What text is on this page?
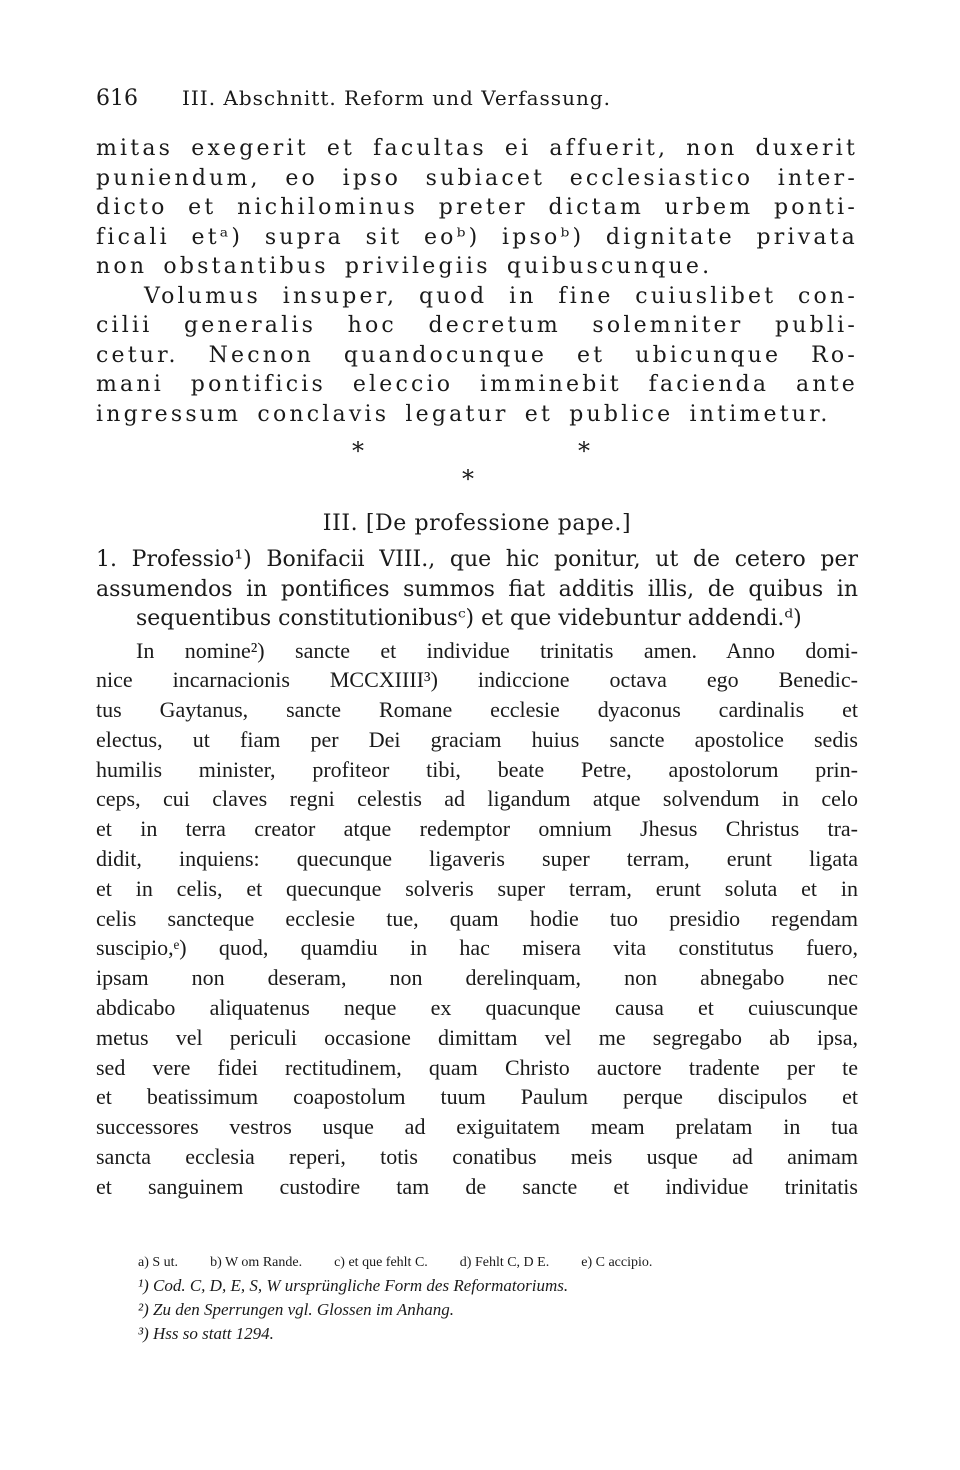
616	III. Abschnitt. Reform und Verfassung.
mitas exegerit et facultas ei affuerit, non duxerit
puniendum, eo ipso subiacet ecclesiastico inter-
dicto et nichilominus preter dictam urbem ponti-
ficali etᵃ) supra sit eoᵇ) ipsoᵇ) dignitate privata
non obstantibus privilegiis quibuscunque.
Volumus insuper, quod in fine cuiuslibet con-
cilii generalis hoc decretum solemniter publi-
cetur. Necnon quandocunque et ubicunque Ro-
mani pontificis eleccio imminebit facienda ante
ingressum conclavis legatur et publice intimetur.
*	*
*
III. [De professione pape.]
1. Professio¹) Bonifacii VIII., que hic ponitur, ut de cetero per
assumendos in pontifices summos fiat additis illis, de quibus in
sequentibus constitutionibusᶜ) et que videbuntur addendi.ᵈ)
In nomine²) sancte et individue trinitatis amen. Anno domi-
nice incarnacionis MCCXIIII³) indiccione octava ego Benedic-
tus Gaytanus, sancte Romane ecclesie dyaconus cardinalis et
electus, ut fiam per Dei graciam huius sancte apostolice sedis
humilis minister, profiteor tibi, beate Petre, apostolorum prin-
ceps, cui claves regni celestis ad ligandum atque solvendum in celo
et in terra creator atque redemptor omnium Jhesus Christus tra-
didit, inquiens: quecunque ligaveris super terram, erunt ligata
et in celis, et quecunque solveris super terram, erunt soluta et in
celis sancteque ecclesie tue, quam hodie tuo presidio regendam
suscipio,ᵉ) quod, quamdiu in hac misera vita constitutus fuero,
ipsam non deseram, non derelinquam, non abnegabo nec
abdicabo aliquatenus neque ex quacunque causa et cuiuscunque
metus vel periculi occasione dimittam vel me segregabo ab ipsa,
sed vere fidei rectitudinem, quam Christo auctore tradente per te
et beatissimum coapostolum tuum Paulum perque discipulos et
successores vestros usque ad exiguitatem meam prelatam in tua
sancta ecclesia reperi, totis conatibus meis usque ad animam
et sanguinem custodire tam de sancte et individue trinitatis
a) S ut. b) W om Rande. c) et que fehlt C. d) Fehlt C, D E. e) C accipio.
¹) Cod. C, D, E, S, W ursprüngliche Form des Reformatoriums.
²) Zu den Sperrungen vgl. Glossen im Anhang.
³) Hss so statt 1294.
